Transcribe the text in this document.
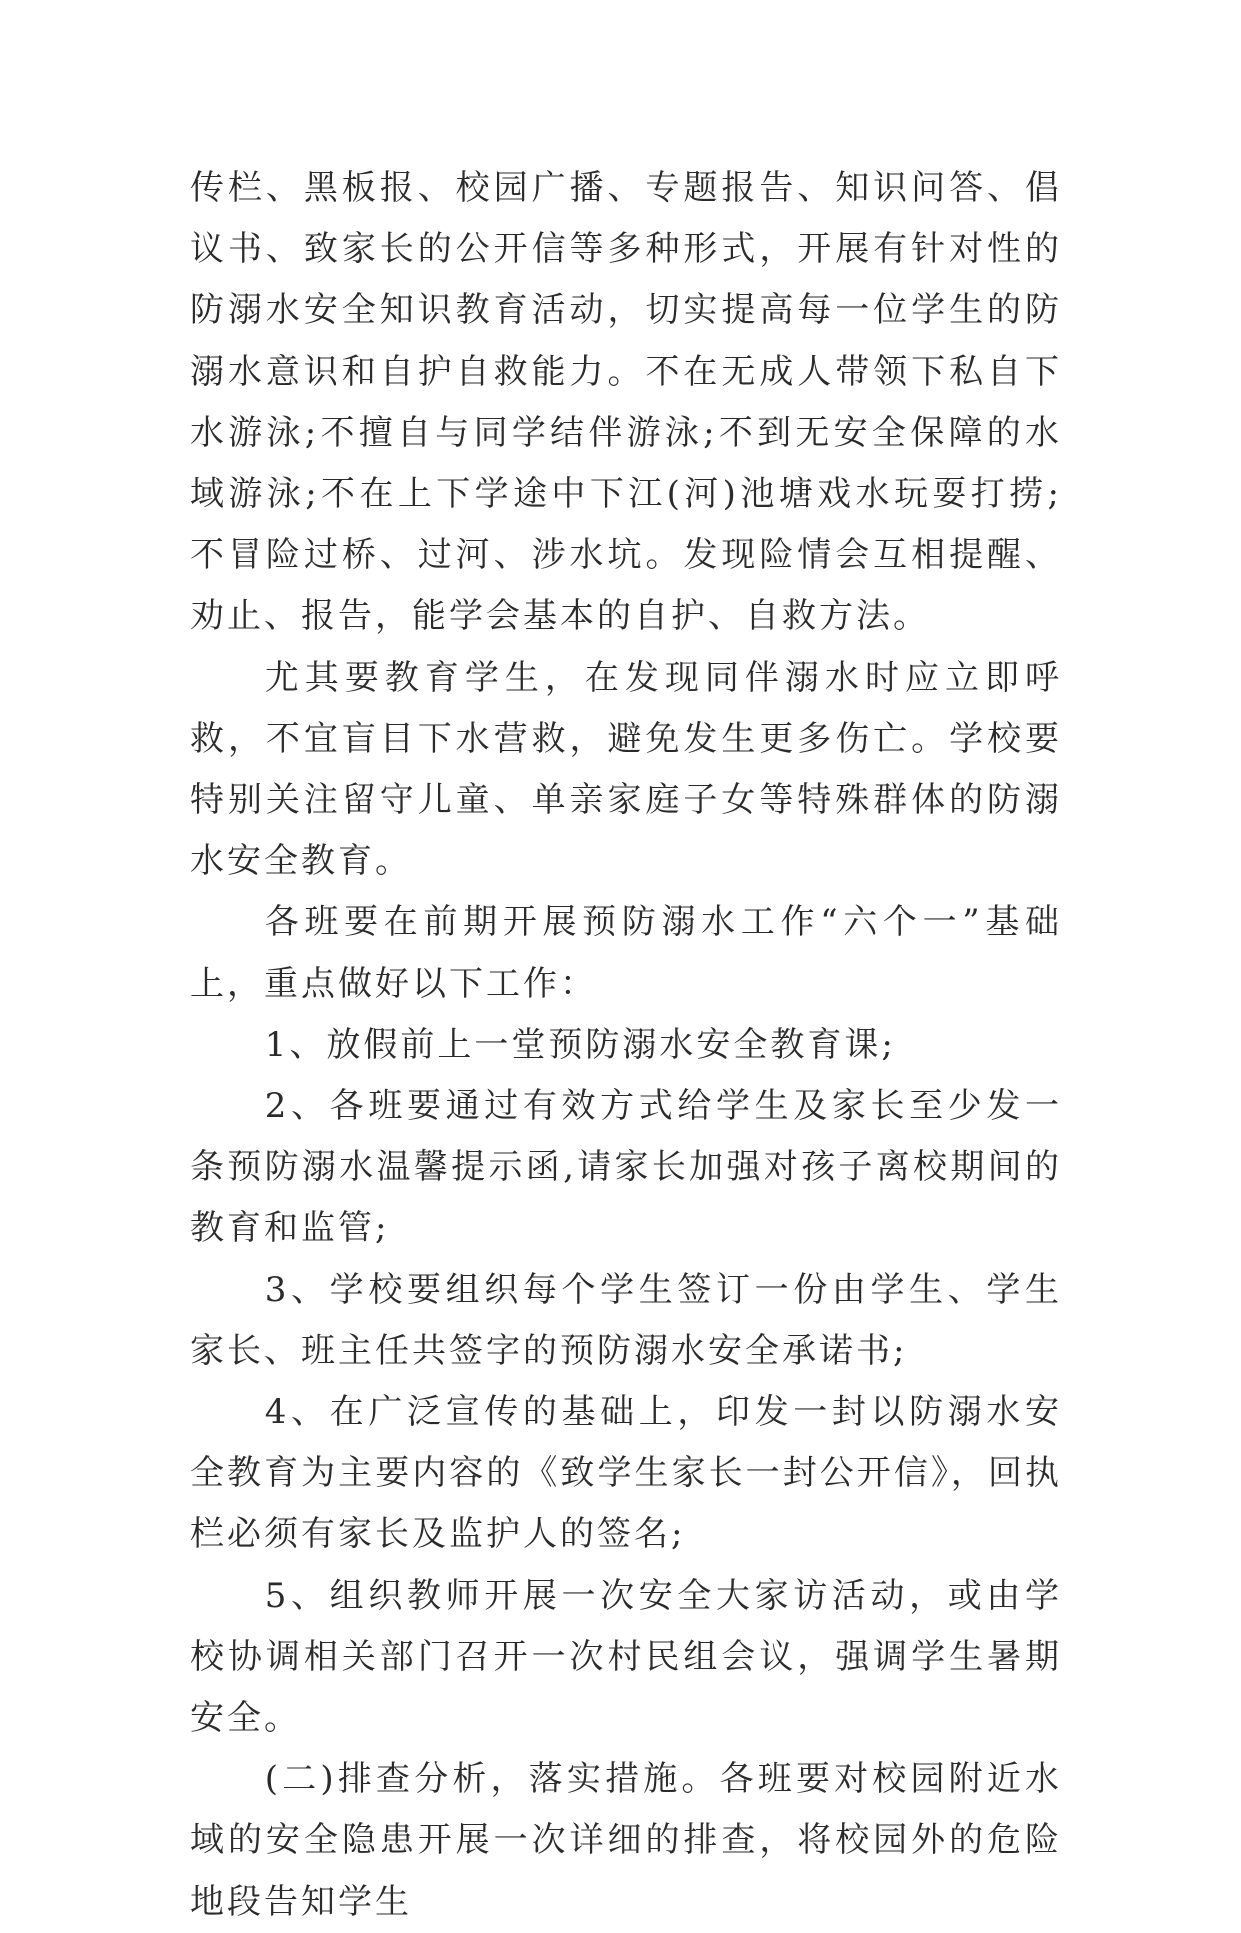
传栏、黑板报、校园广播、专题报告、知识问答、倡议书、致家长的公开信等多种形式，开展有针对性的防溺水安全知识教育活动，切实提高每一位学生的防溺水意识和自护自救能力。不在无成人带领下私自下水游泳;不擅自与同学结伴游泳;不到无安全保障的水域游泳;不在上下学途中下江(河)池塘戏水玩耍打捞;不冒险过桥、过河、涉水坑。发现险情会互相提醒、劝止、报告，能学会基本的自护、自救方法。

尤其要教育学生，在发现同伴溺水时应立即呼救，不宜盲目下水营救，避免发生更多伤亡。学校要特别关注留守儿童、单亲家庭子女等特殊群体的防溺水安全教育。

各班要在前期开展预防溺水工作“六个一”基础上，重点做好以下工作：

1、放假前上一堂预防溺水安全教育课;

2、各班要通过有效方式给学生及家长至少发一条预防溺水温馨提示函,请家长加强对孩子离校期间的教育和监管;

3、学校要组织每个学生签订一份由学生、学生家长、班主任共签字的预防溺水安全承诺书;

4、在广泛宣传的基础上，印发一封以防溺水安全教育为主要内容的《致学生家长一封公开信》，回执栏必须有家长及监护人的签名;

5、组织教师开展一次安全大家访活动，或由学校协调相关部门召开一次村民组会议，强调学生暑期安全。

(二)排查分析，落实措施。各班要对校园附近水域的安全隐患开展一次详细的排查，将校园外的危险地段告知学生
